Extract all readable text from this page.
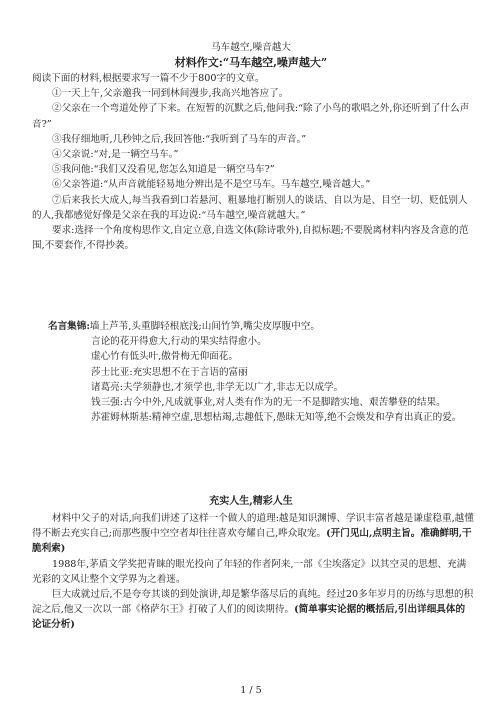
马车越空,噪音越大
材料作文:“马车越空,噪声越大”

阅读下面的材料,根据要求写一篇不少于800字的文章。

①一天上午,父亲邀我一同到林间漫步,我高兴地答应了。

②父亲在一个弯道处停了下来。在短暂的沉默之后,他问我:“除了小鸟的歌唱之外,你还听到了什么声音?”

③我仔细地听,几秒钟之后,我回答他:“我听到了马车的声音。”

④父亲说:“对,是一辆空马车。”

⑤我问他:“我们又没看见,您怎么知道是一辆空马车?”

⑥父亲答道:“从声音就能轻易地分辨出是不是空马车。马车越空,噪音越大。”

⑦后来我长大成人,每当我看到口若悬河、粗暴地打断别人的谈话、自以为是、目空一切、贬低别人的人,我都感觉好像是父亲在我的耳边说:“马车越空,噪音就越大。”

要求:选择一个角度构思作文,自定立意,自选文体(除诗歌外),自拟标题;不要脱离材料内容及含意的范围,不要套作,不得抄袭。

名言集锦:墙上芦苇,头重脚轻根底浅;山间竹笋,嘴尖皮厚腹中空。

言论的花开得愈大,行动的果实结得愈小。

虚心竹有低头叶,傲骨梅无仰面花。

莎士比亚:充实思想不在于言语的富丽

诸葛亮:夫学须静也,才须学也,非学无以广才,非志无以成学。

钱三强:古今中外,凡成就事业,对人类有作为的无一不是脚踏实地、艰苦攀登的结果。

苏霍姆林斯基:精神空虚,思想枯竭,志趣低下,愚昧无知等,绝不会焕发和孕育出真正的爱。

充实人生,精彩人生

材料中父子的对话,向我们讲述了这样一个做人的道理:越是知识渊博、学识丰富者越是谦虚稳重,越懂得不断去充实自己;而那些腹中空空者却往往喜欢夸耀自己,哗众取宠。(开门见山,点明主旨。准确鲜明,干脆利索)

1988年,茅盾文学奖把青睐的眼光投向了年轻的作者阿来,一部《尘埃落定》以其空灵的思想、充满光彩的文风让整个文学界为之着迷。

巨大成就过后,不是夸夸其谈的到处演讲,却是繁华落尽后的真纯。经过20多年岁月的历练与思想的积淀之后,他又一次以一部《格萨尔王》打破了人们的阅读期待。(简单事实论据的概括后,引出详细具体的论证分析)

1 / 5
